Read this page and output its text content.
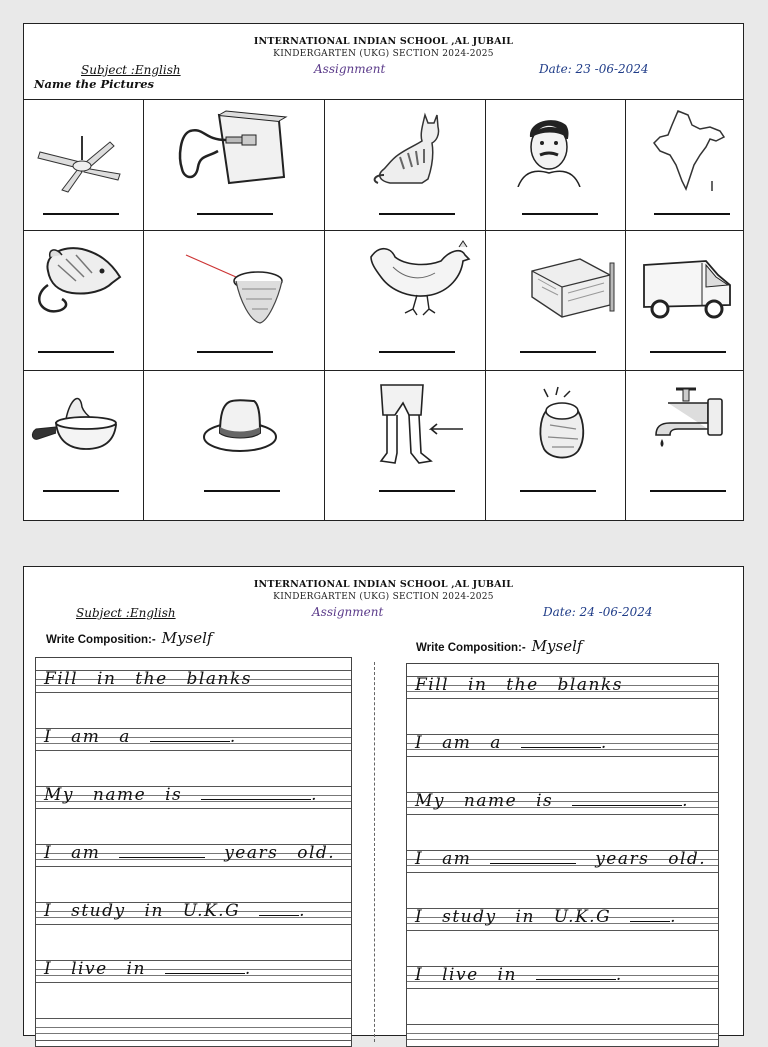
INTERNATIONAL INDIAN SCHOOL ,AL JUBAIL
KINDERGARTEN (UKG) SECTION 2024-2025
Subject :English	Assignment	Date: 23 -06-2024
Name the Pictures
INTERNATIONAL INDIAN SCHOOL ,AL JUBAIL
KINDERGARTEN (UKG) SECTION 2024-2025
Subject :English	Assignment	Date: 24 -06-2024
Write Composition:- Myself
Fill in the blanks
I am a	.
My name is	.
I am	years old.
I study in U.K.G	.
I live in	.
Write Composition:- Myself
Fill in the blanks
I am a	.
My name is	.
I am	years old.
I study in U.K.G	.
I live in	.
